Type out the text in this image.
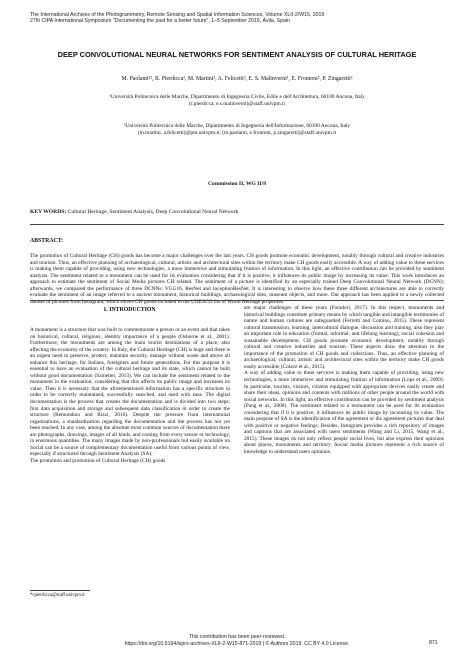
The International Archives of the Photogrammetry, Remote Sensing and Spatial Information Sciences, Volume XLII-2/W15, 2019
27th CIPA International Symposium "Documenting the past for a better future", 1–5 September 2019, Ávila, Spain
DEEP CONVOLUTIONAL NEURAL NETWORKS FOR SENTIMENT ANALYSIS OF CULTURAL HERITAGE
M. Paolanti¹², R. Pierdicca¹, M. Martini², A. Felicetti², E. S. Malinverni¹, E. Frontoni², P. Zingaretti²
¹Università Politecnica delle Marche, Dipartimento di Ingegneria Civile, Edile e dell'Architettura, 60100 Ancona, Italy
(r.pierdicca, e.s.malinverni)@staff.univpm.it
²Università Politecnica delle Marche, Dipartimento di Ingegneria dell'Informazione, 60100 Ancona, Italy
(m.martini, a.felicetti)@pm.univpm.it, (m.paolanti, e.frontoni, p.zingaretti)@staff.univpm.it
Commission II, WG II/8
KEY WORDS: Cultural Heritage, Sentiment Analysis, Deep Convolutional Neural Network
ABSTRACT:
The promotion of Cultural Heritage (CH) goods has become a major challenges over the last years. CH goods promote economic development, notably through cultural and creative industries and tourism. Thus, an effective planning of archaeological, cultural, artistic and architectural sites within the territory make CH goods easily accessible. A way of adding value to these services is making them capable of providing, using new technologies, a more immersive and stimulating fruition of information. In this light, an effective contribution can be provided by sentiment analysis. The sentiment related to a monument can be used for its evaluation considering that if it is positive, it influences its public image by increasing its value. This work introduces an approach to estimate the sentiment of Social Media pictures CH related. The sentiment of a picture is identified by an especially trained Deep Convolutional Neural Network (DCNN); afterwards, we compared the performance of three DCNNs: VGG16, ResNet and InceptionResNet. It is interesting to observe how these three different architectures are able to correctly evaluate the sentiment of an image referred to a ancient monument, historical buildings, archaeological sites, museum objects, and more. Our approach has been applied to a newly collected dataset of pictures from Instagram, which shows CH goods included in the UNESCO list of World Heritage properties.
1. INTRODUCTION

A monument is a structure that was built to commemorate a person or an event and that takes on historical, cultural, religious, identity importance of a people (Osborne et al., 2001). Furthermore, the monuments are among the main tourist destinations of a place, also affecting the economy of the country. In Italy, the Cultural Heritage (CH) is huge and there is an urgent need to preserve, protect, maintain security, manage without waste and above all enhance this heritage, for Italians, foreigners and future generations. For this purpose it is essential to have an evaluation of the cultural heritage and its state, which cannot be built without good documentation (Szmelter, 2013). We can include the sentiment related to the monument in the evaluation, considering that this affects its public image and increases its value. Then it is necessary that the aforementioned information has a specific structure in order to be correctly maintained, successfully searched, and used with ease. The digital documentation is the process that creates the documentation and is divided into two steps: first data acquisition and storage and subsequent data classification in order to create the structure (Remondino and Rizzi, 2010). Despite the pressure from international organizations, a standardization regarding the documentation and the process has not yet been reached. In any case, among the absolute most common sources of documentation there are photographs, drawings, images of all kinds, and coming from every sensor or technology, in enormous quantities. The many images made by non-professionals but easily available on Social can be a source of complementary documentation useful from various points of view, especially if structured through Sentiment Analysis (SA).

The promotion and promotion of Cultural Heritage (CH) goods

are major challenges of these years (Foradori, 2017). In this respect, monuments and historical buildings constitute primary means by which tangible and intangible testimonies of nature and human cultures are safeguarded (Ferretti and Comino, 2015). These represent cultural transmission, learning, intercultural dialogue, discussion and training, also they play an important role in education (formal, informal, and lifelong learning), social cohesion and sustainable development. CH goods promote economic development, notably through cultural and creative industries and tourism. These aspects draw the attention to the importance of the promotion of CH goods and collections. Thus, an effective planning of archaeological, cultural, artistic and architectural sites within the territory make CH goods easily accessible (Colace et al., 2015).

A way of adding value to these services is making them capable of providing, using new technologies, a more immersive and stimulating fruition of information (Lops et al., 2009). In particular, tourists, visitors, citizens equipped with appropriate devices easily create and share their ideas, opinions and contents with millions of other people around the world with social networks. In this light, an effective contribution can be provided by sentiment analysis (Pang et al., 2008). The sentiment related to a monument can be used for its evaluation considering that if it is positive, it influences its public image by increasing its value. The main purpose of SA is the identification of the agreement or dis agreement pictures that deal with positive or negative feelings. Besides, Instagram provides a rich repository of images and captions that are associated with users sentiments (Wang and Li, 2015, Wang et al., 2015). These images do not only reflect people social lives, but also express their opinions about places, monuments and territory. Social media pictures represent a rich source of knowledge to understand users opinions.

*cpierdicca@staff.univpm.it
This contribution has been peer-reviewed.
https://doi.org/10.5194/isprs-archives-XLII-2-W15-871-2019 | © Authors 2019. CC BY 4.0 License.	871
